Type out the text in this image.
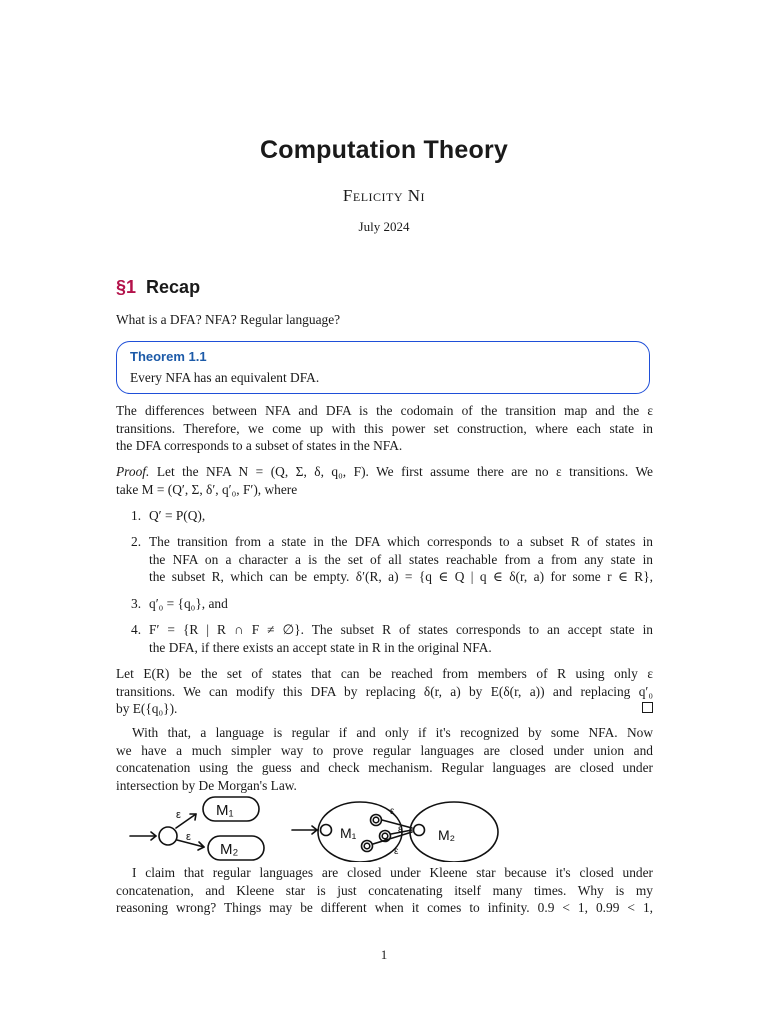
Computation Theory
Felicity Ni
July 2024
§1 Recap
What is a DFA? NFA? Regular language?
Theorem 1.1
Every NFA has an equivalent DFA.
The differences between NFA and DFA is the codomain of the transition map and the ε
transitions. Therefore, we come up with this power set construction, where each state in
the DFA corresponds to a subset of states in the NFA.
Proof. Let the NFA N = (Q, Σ, δ, q₀, F). We first assume there are no ε transitions. We
take M = (Q′, Σ, δ′, q′₀, F′), where
1. Q′ = P(Q),
2. The transition from a state in the DFA which corresponds to a subset R of states in
the NFA on a character a is the set of all states reachable from a from any state in
the subset R, which can be empty. δ′(R, a) = {q ∈ Q | q ∈ δ(r, a) for some r ∈ R},
3. q′₀ = {q₀}, and
4. F′ = {R | R ∩ F ≠ ∅}. The subset R of states corresponds to an accept state in
the DFA, if there exists an accept state in R in the original NFA.
Let E(R) be the set of states that can be reached from members of R using only ε
transitions. We can modify this DFA by replacing δ(r, a) by E(δ(r, a)) and replacing q′₀
by E({q₀}).
With that, a language is regular if and only if it's recognized by some NFA. Now
we have a much simpler way to prove regular languages are closed under union and
concatenation using the guess and check mechanism. Regular languages are closed under
intersection by De Morgan's Law.
M₁
M₂
ε
ε	M₁	M₂
ε
ε
ε
I claim that regular languages are closed under Kleene star because it's closed under
concatenation, and Kleene star is just concatenating itself many times. Why is my
reasoning wrong? Things may be different when it comes to infinity. 0.9 < 1, 0.99 < 1,
1
